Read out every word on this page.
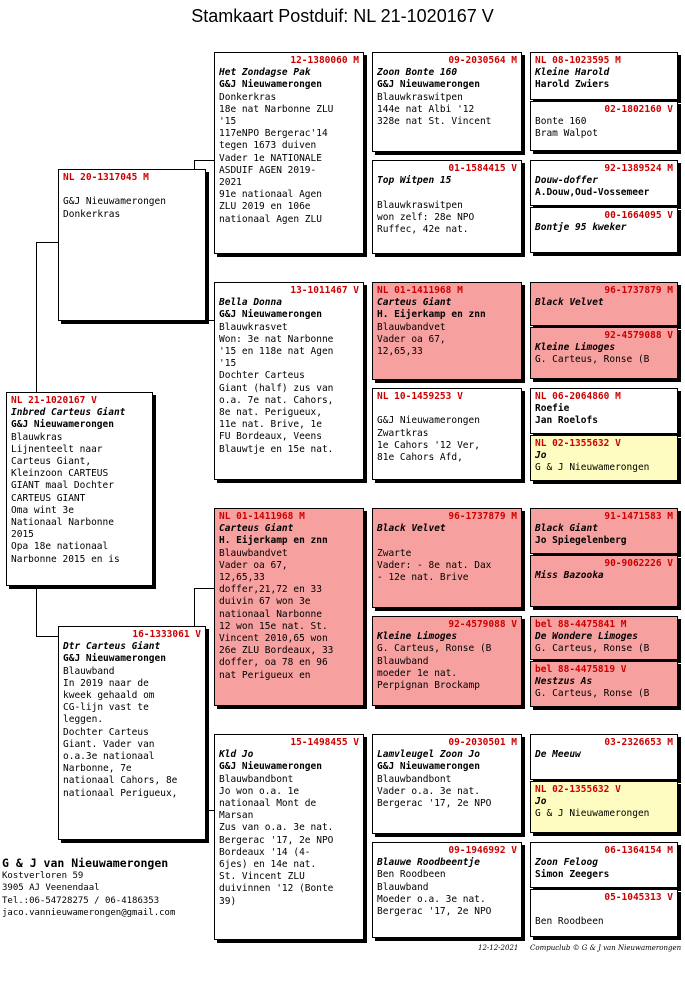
Stamkaart Postduif: NL 21-1020167 V
NL 21-1020167 V
Inbred Carteus Giant
G&J Nieuwamerongen
Blauwkras
Lijnenteelt naar
Carteus Giant,
Kleinzoon CARTEUS
GIANT maal Dochter
CARTEUS GIANT
Oma wint 3e
Nationaal Narbonne
2015
Opa 18e nationaal
Narbonne 2015 en is
NL 20-1317045 M

G&J Nieuwamerongen
Donkerkras
16-1333061 V
Dtr Carteus Giant
G&J Nieuwamerongen
Blauwband
In 2019 naar de
kweek gehaald om
CG-lijn vast te
leggen.
Dochter Carteus
Giant. Vader van
o.a.3e nationaal
Narbonne, 7e
nationaal Cahors, 8e
nationaal Perigueux,
12-1380060 M
Het Zondagse Pak
G&J Nieuwamerongen
Donkerkras
18e nat Narbonne ZLU
'15
117eNPO Bergerac'14
tegen 1673 duiven
Vader 1e NATIONALE
ASDUIF AGEN 2019-
2021
91e nationaal Agen
ZLU 2019 en 106e
nationaal Agen ZLU
13-1011467 V
Bella Donna
G&J Nieuwamerongen
Blauwkrasvet
Won: 3e nat Narbonne
'15 en 118e nat Agen
'15
Dochter Carteus
Giant (half) zus van
o.a. 7e nat. Cahors,
8e nat. Perigueux,
11e nat. Brive, 1e
FU Bordeaux, Veens
Blauwtje en 15e nat.
NL 01-1411968 M
Carteus Giant
H. Eijerkamp en znn
Blauwbandvet
Vader oa 67,
12,65,33
doffer,21,72 en 33
duivin 67 won 3e
nationaal Narbonne
12 won 15e nat. St.
Vincent 2010,65 won
26e ZLU Bordeaux, 33
doffer, oa 78 en 96
nat Perigueux en
15-1498455 V
Kld Jo
G&J Nieuwamerongen
Blauwbandbont
Jo won o.a. 1e
nationaal Mont de
Marsan
Zus van o.a. 3e nat.
Bergerac '17, 2e NPO
Bordeaux '14 (4-
6jes) en 14e nat.
St. Vincent ZLU
duivinnen '12 (Bonte
39)
09-2030564 M
Zoon Bonte 160
G&J Nieuwamerongen
Blauwkraswitpen
144e nat Albi '12
328e nat St. Vincent
01-1584415 V
Top Witpen 15

Blauwkraswitpen
won zelf: 28e NPO
Ruffec, 42e nat.
NL 01-1411968 M
Carteus Giant
H. Eijerkamp en znn
Blauwbandvet
Vader oa 67,
12,65,33
NL 10-1459253 V

G&J Nieuwamerongen
Zwartkras
1e Cahors '12 Ver,
81e Cahors Afd,
96-1737879 M
Black Velvet

Zwarte
Vader: - 8e nat. Dax
- 12e nat. Brive
92-4579088 V
Kleine Limoges
G. Carteus, Ronse (B
Blauwband
moeder 1e nat.
Perpignan Brockamp
09-2030501 M
Lamvleugel Zoon Jo
G&J Nieuwamerongen
Blauwbandbont
Vader o.a. 3e nat.
Bergerac '17, 2e NPO
09-1946992 V
Blauwe Roodbeentje
Ben Roodbeen
Blauwband
Moeder o.a. 3e nat.
Bergerac '17, 2e NPO
NL 08-1023595 M
Kleine Harold
Harold Zwiers
02-1802160 V
Bonte 160
Bram Walpot
92-1389524 M
Douw-doffer
A.Douw,Oud-Vossemeer
00-1664095 V
Bontje 95 kweker
96-1737879 M
Black Velvet
92-4579088 V
Kleine Limoges
G. Carteus, Ronse (B
NL 06-2064860 M
Roefie
Jan Roelofs
NL 02-1355632 V
Jo
G & J Nieuwamerongen
91-1471583 M
Black Giant
Jo Spiegelenberg
90-9062226 V
Miss Bazooka
bel 88-4475841 M
De Wondere Limoges
G. Carteus, Ronse (B
bel 88-4475819 V
Nestzus As
G. Carteus, Ronse (B
03-2326653 M
De Meeuw
NL 02-1355632 V
Jo
G & J Nieuwamerongen
06-1364154 M
Zoon Feloog
Simon Zeegers
05-1045313 V

Ben Roodbeen
G & J van Nieuwamerongen
Kostverloren 59
3905 AJ Veenendaal
Tel.:06-54728275 / 06-4186353
jaco.vannieuwamerongen@gmail.com
12-12-2021 Compuclub © G & J van Nieuwamerongen
